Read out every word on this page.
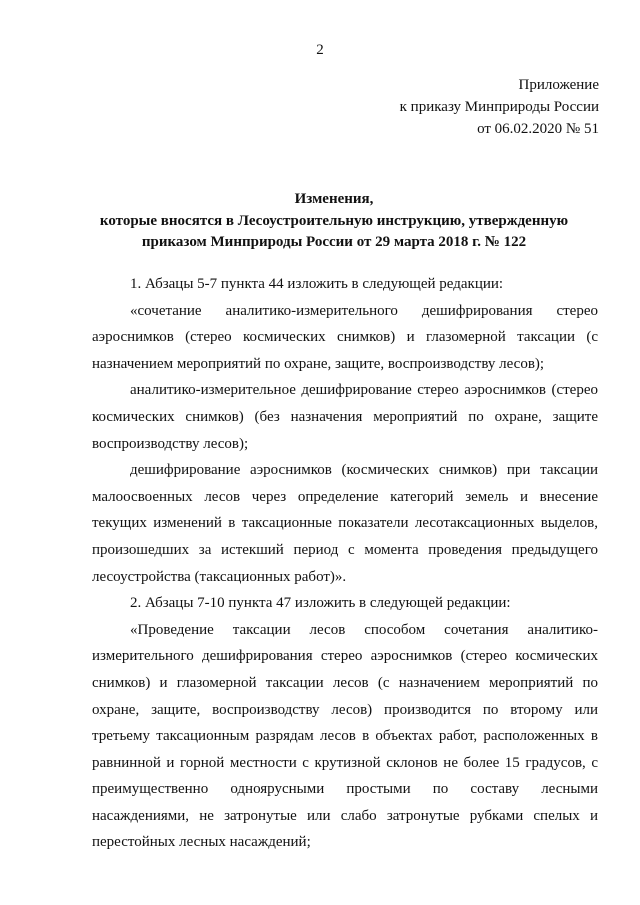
2
Приложение
к приказу Минприроды России
от 06.02.2020 № 51
Изменения,
которые вносятся в Лесоустроительную инструкцию, утвержденную
приказом Минприроды России от 29 марта 2018 г. № 122

1. Абзацы 5-7 пункта 44 изложить в следующей редакции:

«сочетание аналитико-измерительного дешифрирования стерео аэроснимков (стерео космических снимков) и глазомерной таксации (с назначением мероприятий по охране, защите, воспроизводству лесов);

аналитико-измерительное дешифрирование стерео аэроснимков (стерео космических снимков) (без назначения мероприятий по охране, защите воспроизводству лесов);

дешифрирование аэроснимков (космических снимков) при таксации малоосвоенных лесов через определение категорий земель и внесение текущих изменений в таксационные показатели лесотаксационных выделов, произошедших за истекший период с момента проведения предыдущего лесоустройства (таксационных работ)».

2. Абзацы 7-10 пункта 47 изложить в следующей редакции:

«Проведение таксации лесов способом сочетания аналитико-измерительного дешифрирования стерео аэроснимков (стерео космических снимков) и глазомерной таксации лесов (с назначением мероприятий по охране, защите, воспроизводству лесов) производится по второму или третьему таксационным разрядам лесов в объектах работ, расположенных в равнинной и горной местности с крутизной склонов не более 15 градусов, с преимущественно одноярусными простыми по составу лесными насаждениями, не затронутые или слабо затронутые рубками спелых и перестойных лесных насаждений;
